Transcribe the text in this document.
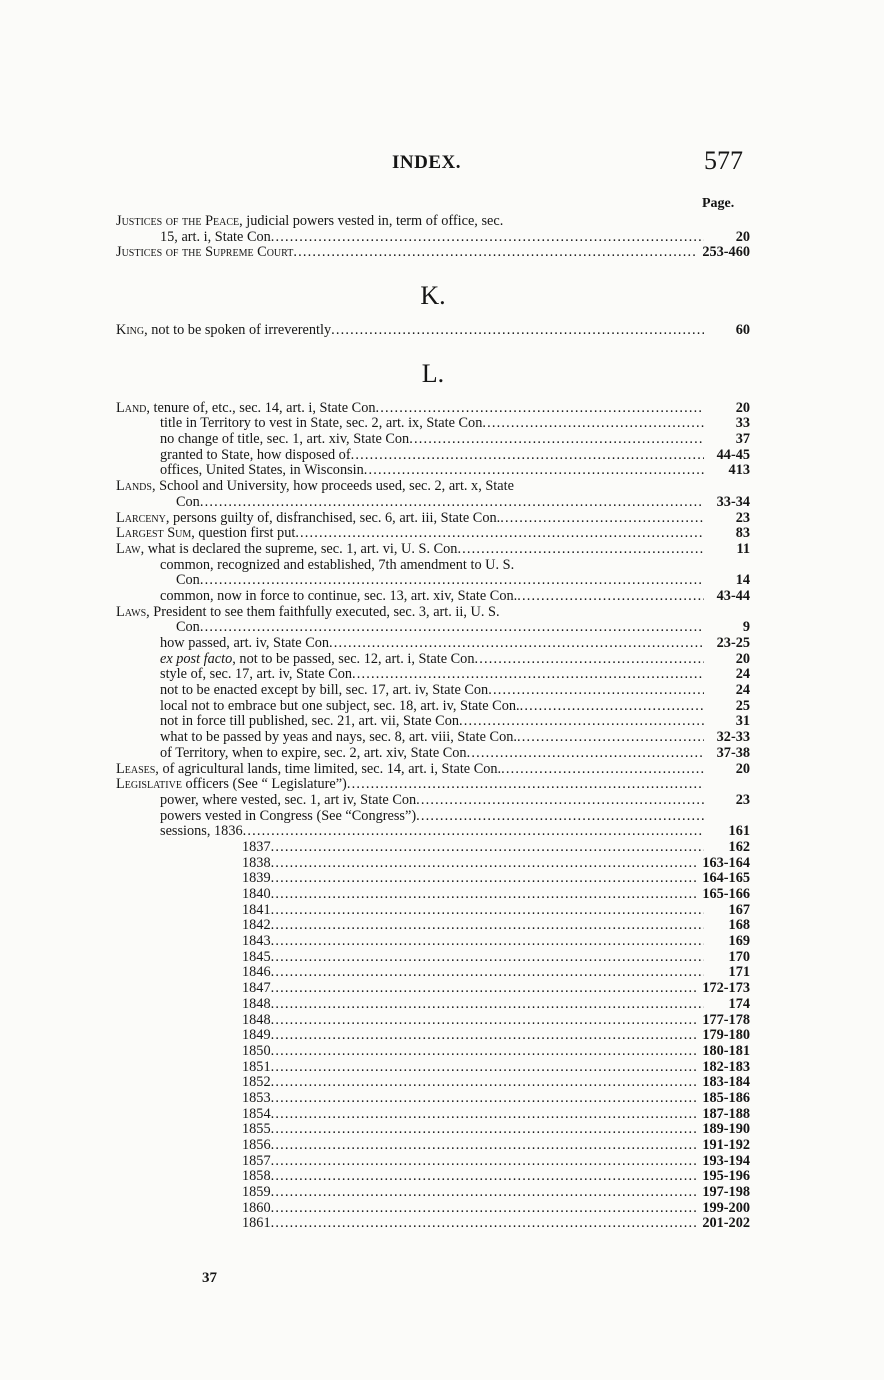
INDEX.	577
Page.
Justices of the Peace, judicial powers vested in, term of office, sec.
15, art. i, State Con . . .	20
Justices of the Supreme Court . . .	253-460
K.
King, not to be spoken of irreverently . . .	60
L.
Land, tenure of, etc., sec. 14, art. i, State Con . . .	20
title in Territory to vest in State, sec. 2, art. ix, State Con . . .	33
no change of title, sec. 1, art. xiv, State Con . . .	37
granted to State, how disposed of . . .	44-45
offices, United States, in Wisconsin . . .	413
Lands, School and University, how proceeds used, sec. 2, art. x, State
Con . . .	33-34
Larceny, persons guilty of, disfranchised, sec. 6, art. iii, State Con. . . .	23
Largest Sum, question first put . . .	83
Law, what is declared the supreme, sec. 1, art. vi, U. S. Con . . .	11
common, recognized and established, 7th amendment to U. S.
Con . . .	14
common, now in force to continue, sec. 13, art. xiv, State Con. . . .	43-44
Laws, President to see them faithfully executed, sec. 3, art. ii, U. S.
Con . . .	9
how passed, art. iv, State Con . . .	23-25
ex post facto, not to be passed, sec. 12, art. i, State Con . . .	20
style of, sec. 17, art. iv, State Con . . .	24
not to be enacted except by bill, sec. 17, art. iv, State Con . . .	24
local not to embrace but one subject, sec. 18, art. iv, State Con. . . .	25
not in force till published, sec. 21, art. vii, State Con . . .	31
what to be passed by yeas and nays, sec. 8, art. viii, State Con. . . .	32-33
of Territory, when to expire, sec. 2, art. xiv, State Con . . .	37-38
Leases, of agricultural lands, time limited, sec. 14, art. i, State Con. . . .	20
Legislative officers (See “ Legislature”)
. . .
power, where vested, sec. 1, art iv, State Con . . .	23
powers vested in Congress (See “Congress”)
. . .
sessions, 1836 . . .	161
1837 . . .	162
1838 . . .	163-164
1839 . . .	164-165
1840 . . .	165-166
1841 . . .	167
1842 . . .	168
1843 . . .	169
1845 . . .	170
1846 . . .	171
1847 . . .	172-173
1848 . . .	174
1848 . . .	177-178
1849 . . .	179-180
1850 . . .	180-181
1851 . . .	182-183
1852 . . .	183-184
1853 . . .	185-186
1854 . . .	187-188
1855 . . .	189-190
1856 . . .	191-192
1857 . . .	193-194
1858 . . .	195-196
1859 . . .	197-198
1860 . . .	199-200
1861 . . .	201-202
37
